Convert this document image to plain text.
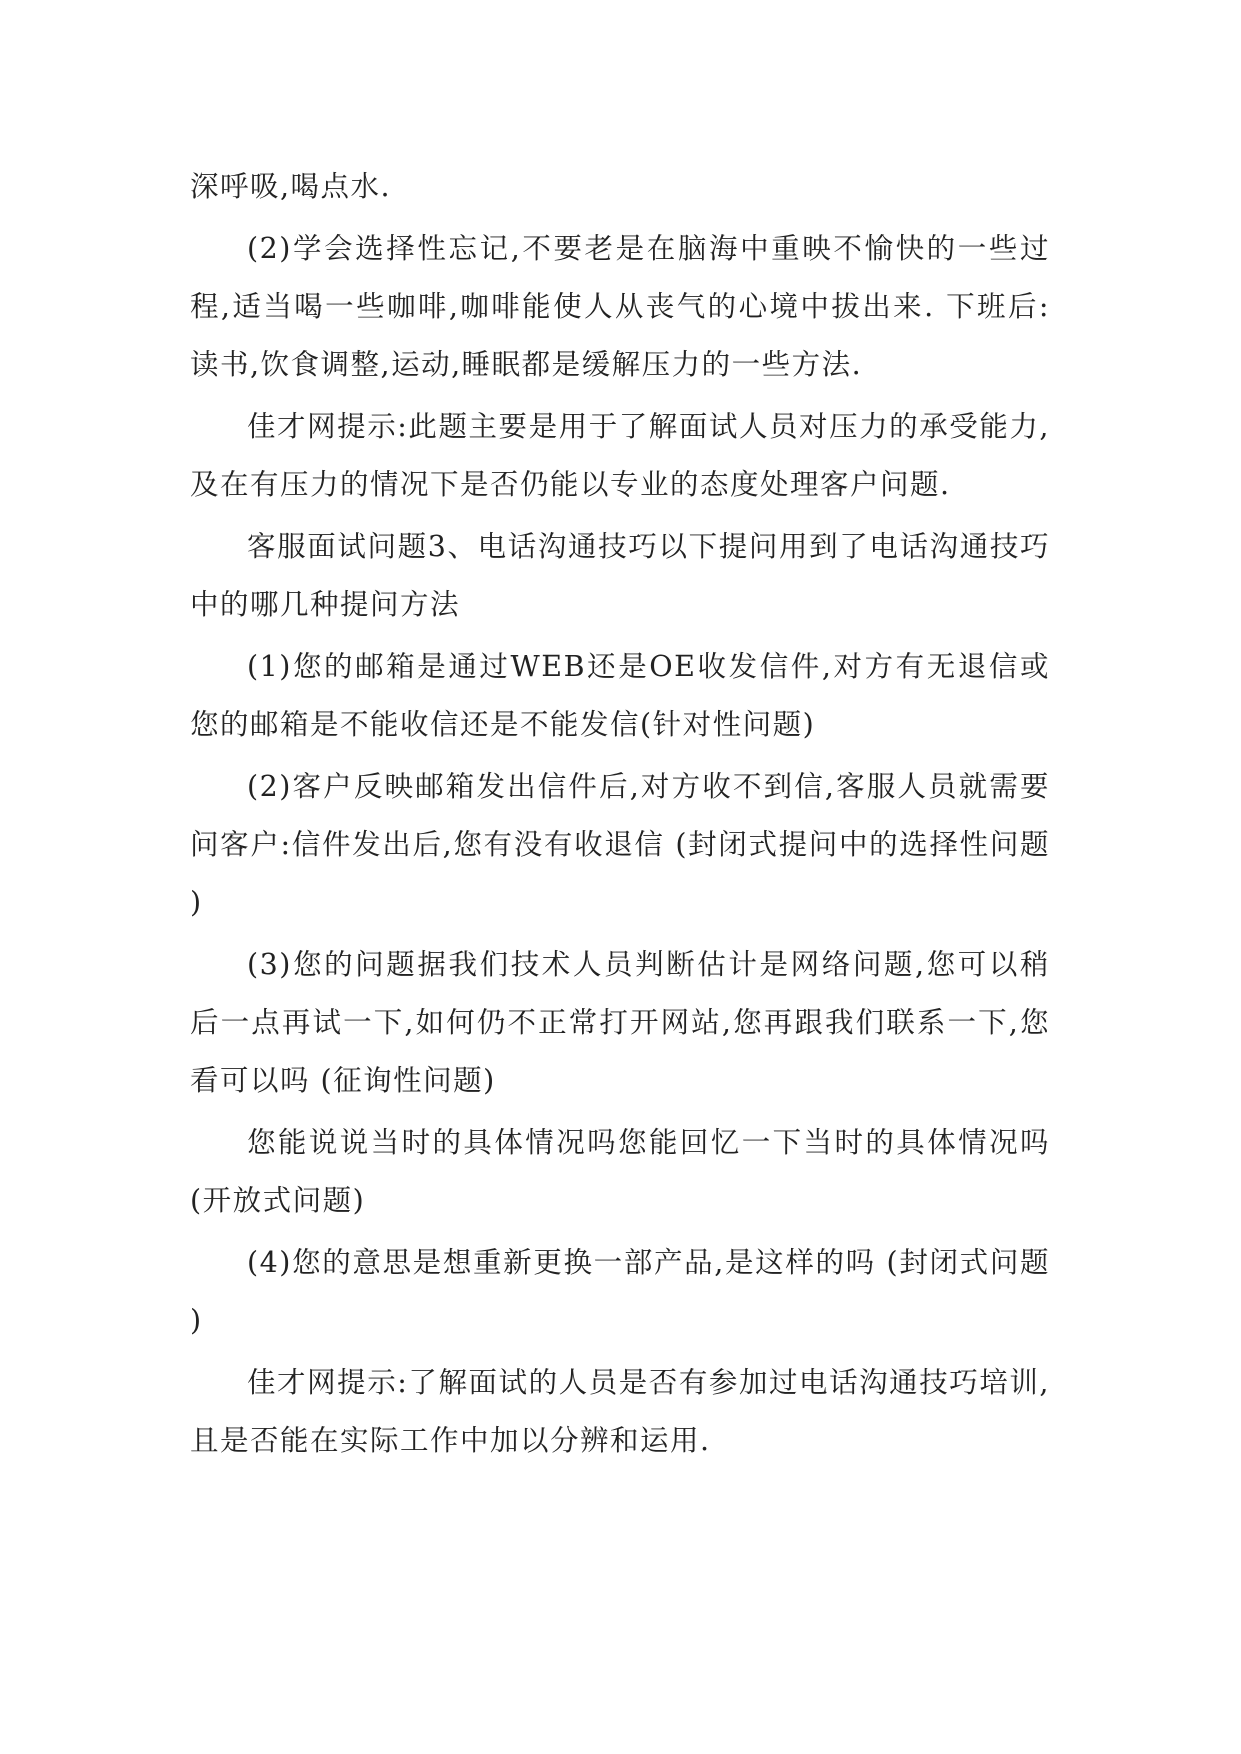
深呼吸,喝点水.

(2)学会选择性忘记,不要老是在脑海中重映不愉快的一些过程,适当喝一些咖啡,咖啡能使人从丧气的心境中拔出来. 下班后:读书,饮食调整,运动,睡眠都是缓解压力的一些方法.

佳才网提示:此题主要是用于了解面试人员对压力的承受能力,及在有压力的情况下是否仍能以专业的态度处理客户问题.

客服面试问题3、电话沟通技巧以下提问用到了电话沟通技巧中的哪几种提问方法

(1)您的邮箱是通过WEB还是OE收发信件,对方有无退信或您的邮箱是不能收信还是不能发信(针对性问题)

(2)客户反映邮箱发出信件后,对方收不到信,客服人员就需要问客户:信件发出后,您有没有收退信 (封闭式提问中的选择性问题)

(3)您的问题据我们技术人员判断估计是网络问题,您可以稍后一点再试一下,如何仍不正常打开网站,您再跟我们联系一下,您看可以吗 (征询性问题)

您能说说当时的具体情况吗您能回忆一下当时的具体情况吗 (开放式问题)

(4)您的意思是想重新更换一部产品,是这样的吗 (封闭式问题)

佳才网提示:了解面试的人员是否有参加过电话沟通技巧培训,且是否能在实际工作中加以分辨和运用.
